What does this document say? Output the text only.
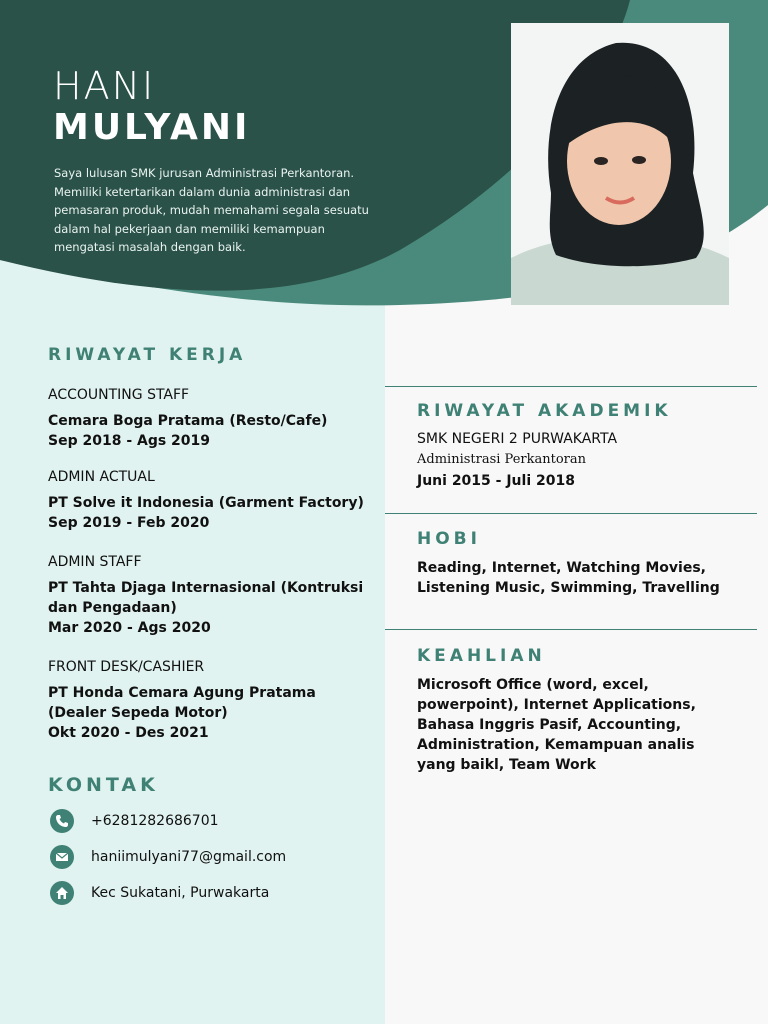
HANI
MULYANI
Saya lulusan SMK jurusan Administrasi Perkantoran. Memiliki ketertarikan dalam dunia administrasi dan pemasaran produk, mudah memahami segala sesuatu dalam hal pekerjaan dan memiliki kemampuan mengatasi masalah dengan baik.
RIWAYAT KERJA
ACCOUNTING STAFF
Cemara Boga Pratama (Resto/Cafe)
Sep 2018 - Ags 2019
ADMIN ACTUAL
PT Solve it Indonesia (Garment Factory)
Sep 2019 - Feb 2020
ADMIN STAFF
PT Tahta Djaga Internasional (Kontruksi dan Pengadaan)
Mar 2020 - Ags 2020
FRONT DESK/CASHIER
PT Honda Cemara Agung Pratama (Dealer Sepeda Motor)
Okt 2020 - Des 2021
KONTAK
+6281282686701
haniimulyani77@gmail.com
Kec Sukatani, Purwakarta
RIWAYAT AKADEMIK
SMK NEGERI 2 PURWAKARTA
Administrasi Perkantoran
Juni 2015 - Juli 2018
HOBI
Reading, Internet, Watching Movies, Listening Music, Swimming, Travelling
KEAHLIAN
Microsoft Office (word, excel, powerpoint), Internet Applications, Bahasa Inggris Pasif, Accounting, Administration, Kemampuan analis yang baikl, Team Work
